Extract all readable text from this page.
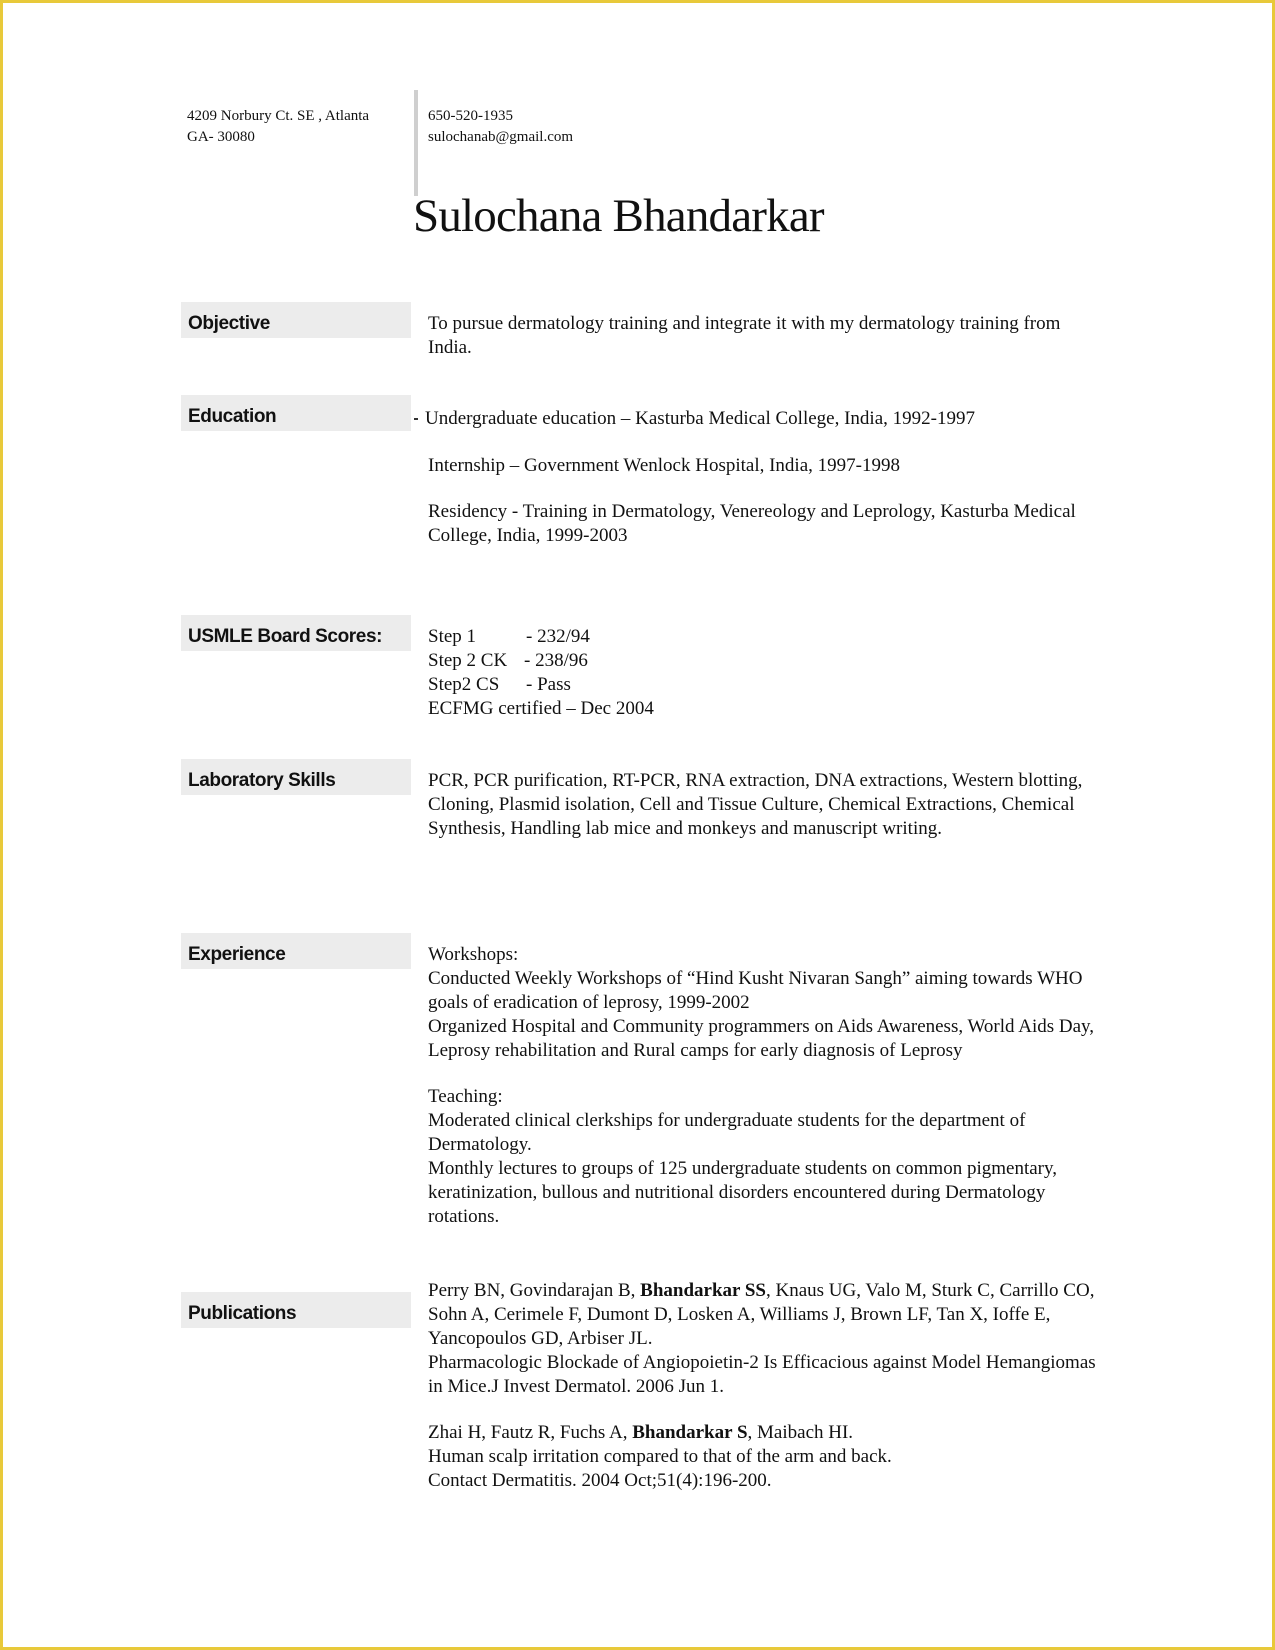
4209 Norbury Ct. SE , Atlanta
GA- 30080
650-520-1935
sulochanab@gmail.com
Sulochana Bhandarkar
Objective	To pursue dermatology training and integrate it with my dermatology training from India.
Education	Undergraduate education – Kasturba Medical College, India, 1992-1997
Internship – Government Wenlock Hospital, India, 1997-1998
Residency - Training in Dermatology, Venereology and Leprology, Kasturba Medical College, India, 1999-2003
USMLE Board Scores:	Step 1	- 232/94
Step 2 CK - 238/96
Step2 CS	- Pass
ECFMG certified – Dec 2004
Laboratory Skills	PCR, PCR purification, RT-PCR, RNA extraction, DNA extractions, Western blotting, Cloning, Plasmid isolation, Cell and Tissue Culture, Chemical Extractions, Chemical Synthesis, Handling lab mice and monkeys and manuscript writing.
Experience	Workshops:
Conducted Weekly Workshops of “Hind Kusht Nivaran Sangh” aiming towards WHO goals of eradication of leprosy, 1999-2002
Organized Hospital and Community programmers on Aids Awareness, World Aids Day, Leprosy rehabilitation and Rural camps for early diagnosis of Leprosy
Teaching:
Moderated clinical clerkships for undergraduate students for the department of Dermatology.
Monthly lectures to groups of 125 undergraduate students on common pigmentary, keratinization, bullous and nutritional disorders encountered during Dermatology rotations.
Publications
Perry BN, Govindarajan B, Bhandarkar SS, Knaus UG, Valo M, Sturk C, Carrillo CO, Sohn A, Cerimele F, Dumont D, Losken A, Williams J, Brown LF, Tan X, Ioffe E, Yancopoulos GD, Arbiser JL.
Pharmacologic Blockade of Angiopoietin-2 Is Efficacious against Model Hemangiomas in Mice.J Invest Dermatol. 2006 Jun 1.
Zhai H, Fautz R, Fuchs A, Bhandarkar S, Maibach HI.
Human scalp irritation compared to that of the arm and back.
Contact Dermatitis. 2004 Oct;51(4):196-200.
